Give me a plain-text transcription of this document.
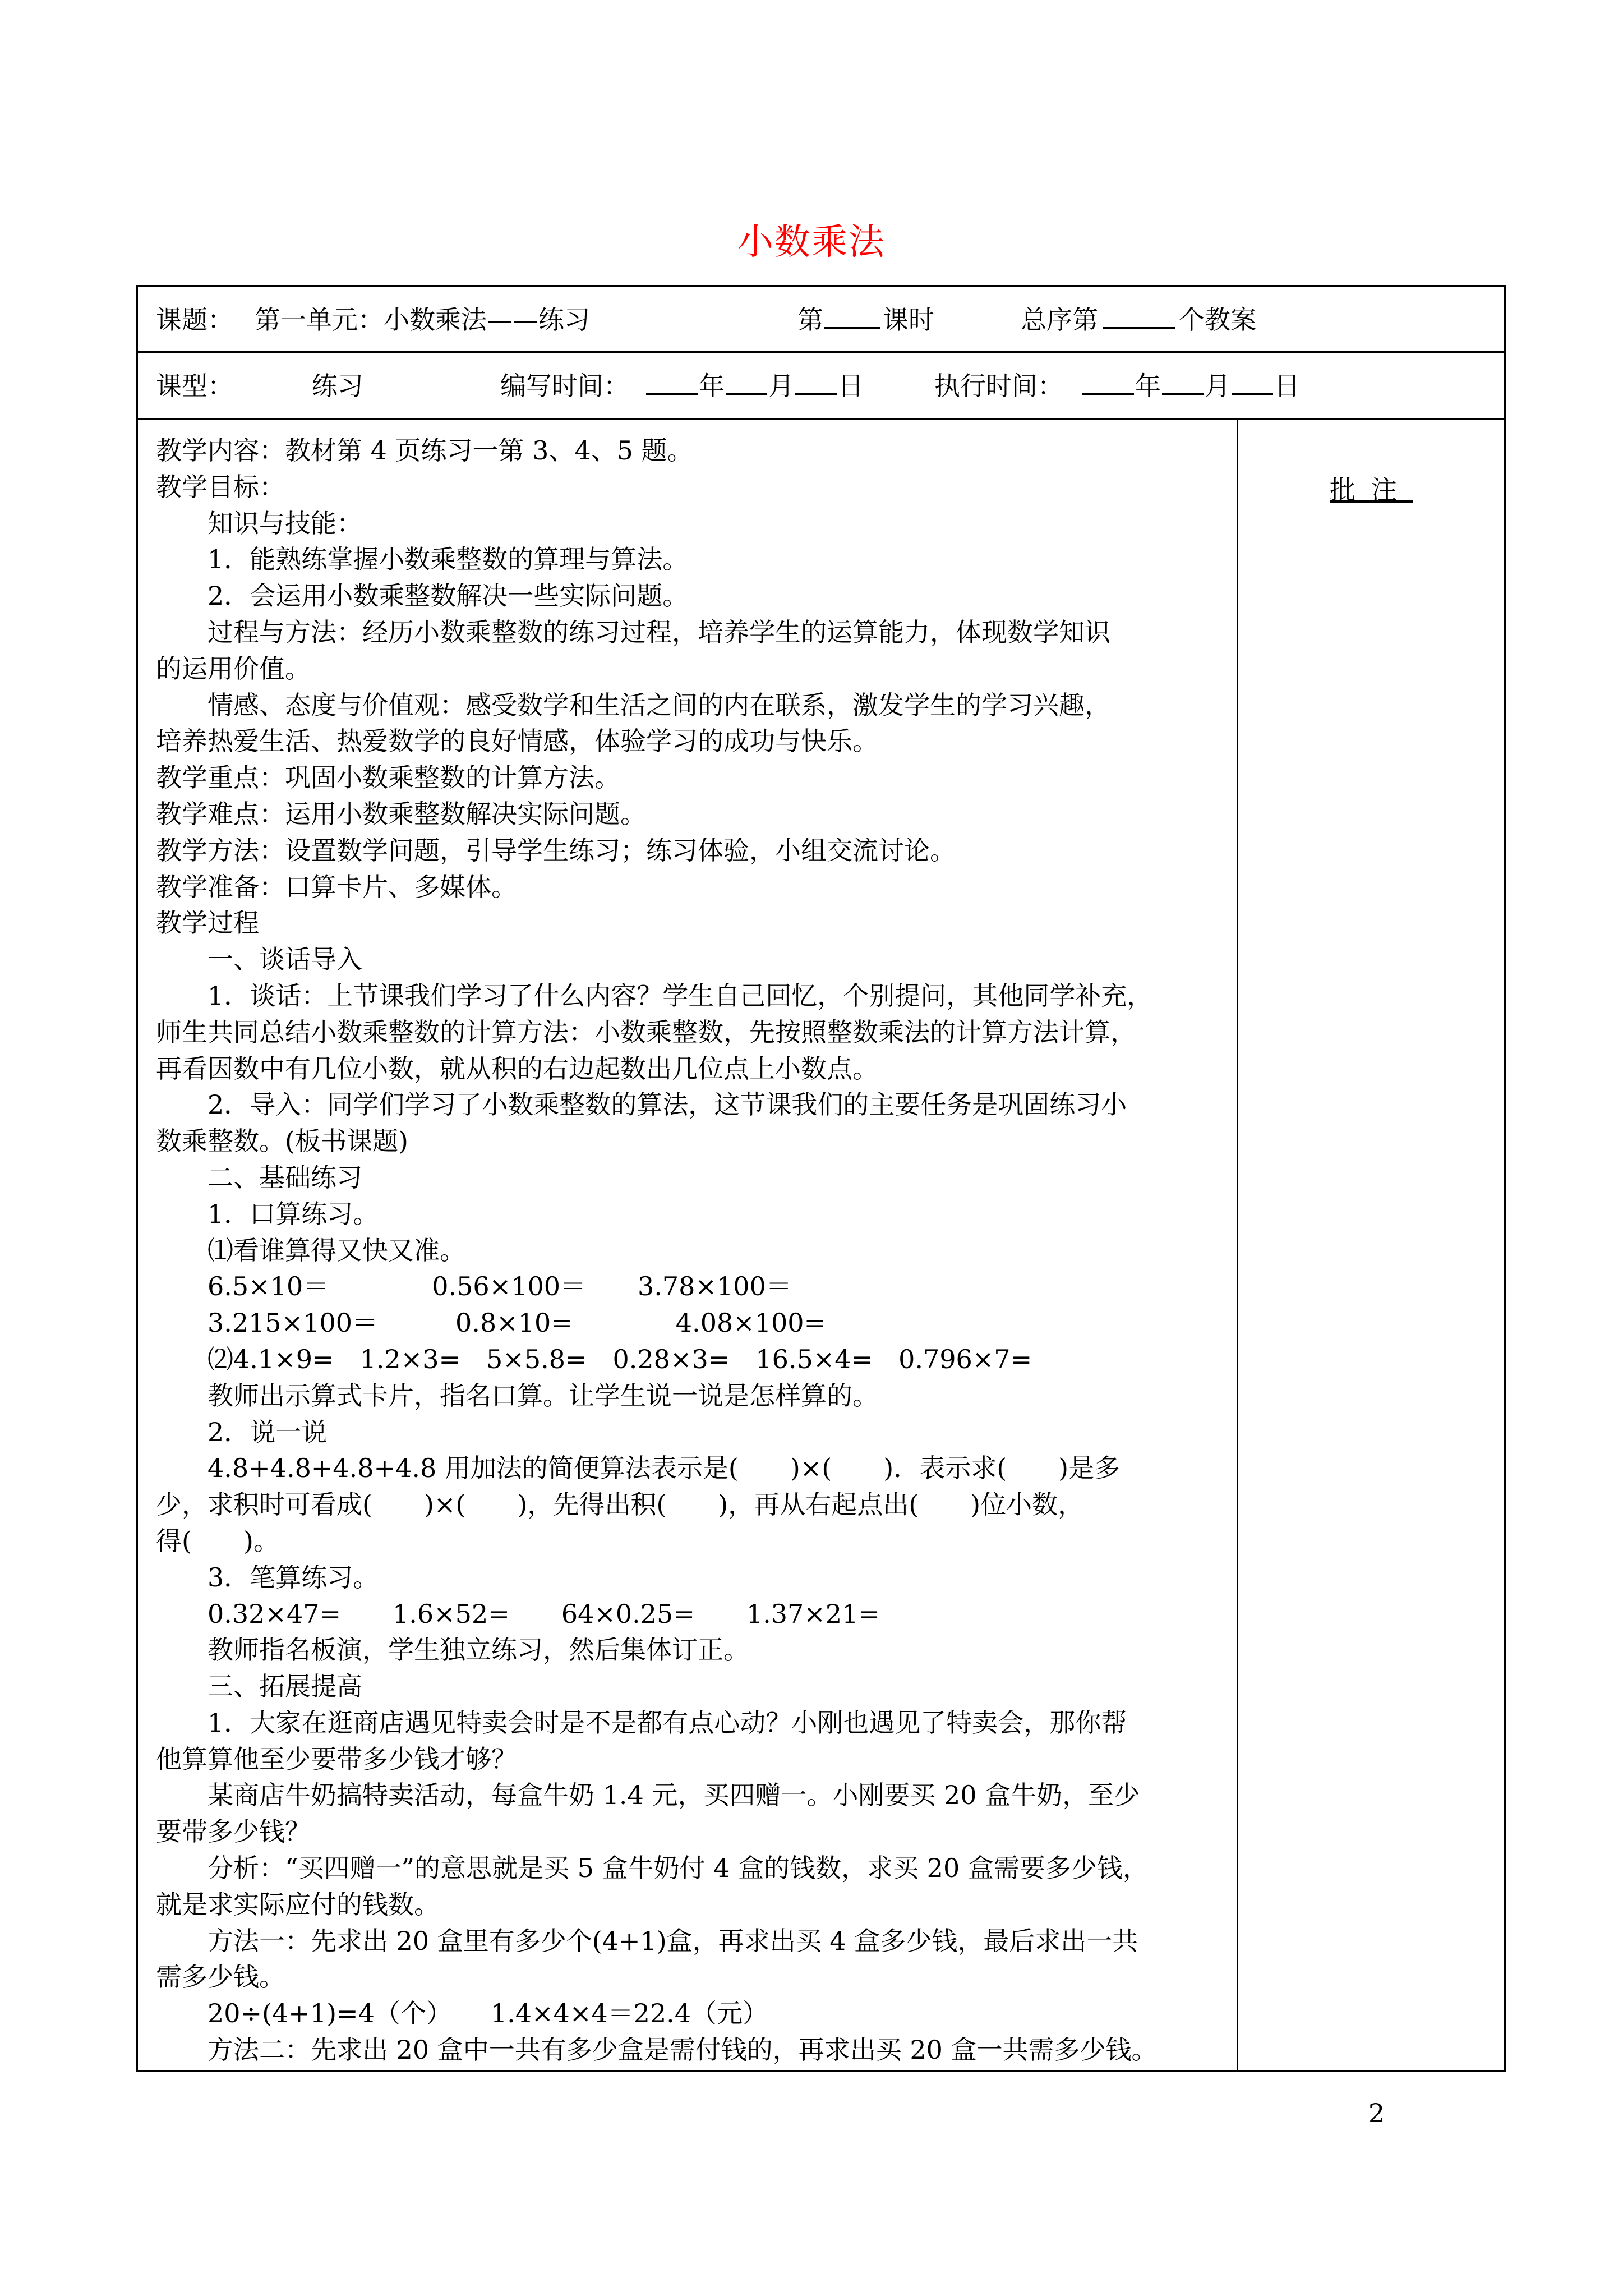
小数乘法
课题： 第一单元：小数乘法——练习	第 课时	总序第	个教案
课型：	练习	编写时间：	年 月 日	执行时间：	年 月 日
教学内容：教材第 4 页练习一第 3、4、5 题。
教学目标：
知识与技能：
1．能熟练掌握小数乘整数的算理与算法。
2．会运用小数乘整数解决一些实际问题。
过程与方法：经历小数乘整数的练习过程，培养学生的运算能力，体现数学知识
的运用价值。
情感、态度与价值观：感受数学和生活之间的内在联系，激发学生的学习兴趣，
培养热爱生活、热爱数学的良好情感，体验学习的成功与快乐。
教学重点：巩固小数乘整数的计算方法。
教学难点：运用小数乘整数解决实际问题。
教学方法：设置数学问题，引导学生练习；练习体验，小组交流讨论。
教学准备：口算卡片、多媒体。
教学过程
一、谈话导入
1．谈话：上节课我们学习了什么内容？学生自己回忆，个别提问，其他同学补充，
师生共同总结小数乘整数的计算方法：小数乘整数，先按照整数乘法的计算方法计算，
再看因数中有几位小数，就从积的右边起数出几位点上小数点。
2．导入：同学们学习了小数乘整数的算法，这节课我们的主要任务是巩固练习小
数乘整数。(板书课题)
二、基础练习
1．口算练习。
⑴看谁算得又快又准。
6.5×10＝　　　　0.56×100＝　　3.78×100＝
3.215×100＝　　　0.8×10=　　　　4.08×100=
⑵4.1×9=　1.2×3=　5×5.8=　0.28×3=　16.5×4=　0.796×7=
教师出示算式卡片，指名口算。让学生说一说是怎样算的。
2．说一说
4.8+4.8+4.8+4.8 用加法的简便算法表示是(　　)×(　　)．表示求(　　)是多
少，求积时可看成(　　)×(　　)，先得出积(　　)，再从右起点出(　　)位小数，
得(　　)。
3．笔算练习。
0.32×47=　　1.6×52=　　64×0.25=　　1.37×21=
教师指名板演，学生独立练习，然后集体订正。
三、拓展提高
1．大家在逛商店遇见特卖会时是不是都有点心动？小刚也遇见了特卖会，那你帮
他算算他至少要带多少钱才够？
某商店牛奶搞特卖活动，每盒牛奶 1.4 元，买四赠一。小刚要买 20 盒牛奶，至少
要带多少钱？
分析：“买四赠一”的意思就是买 5 盒牛奶付 4 盒的钱数，求买 20 盒需要多少钱，
就是求实际应付的钱数。
方法一：先求出 20 盒里有多少个(4+1)盒，再求出买 4 盒多少钱，最后求出一共
需多少钱。
20÷(4+1)=4（个）　　1.4×4×4＝22.4（元）
方法二：先求出 20 盒中一共有多少盒是需付钱的，再求出买 20 盒一共需多少钱。
批注
2
